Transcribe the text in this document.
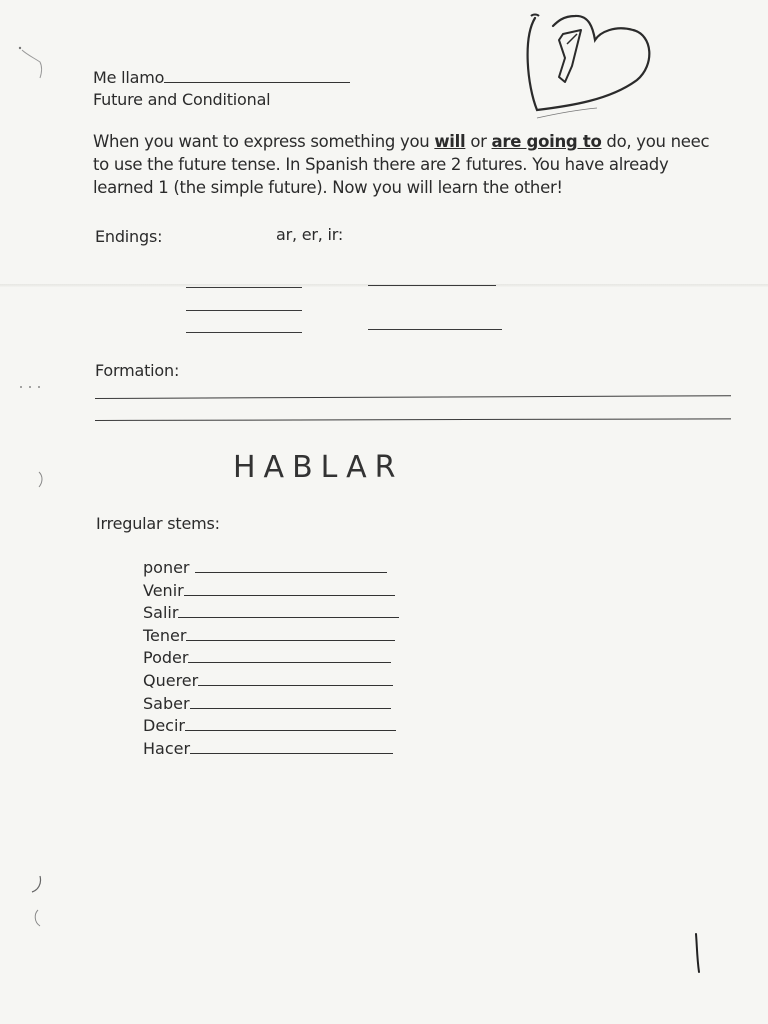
Me llamo
Future and Conditional
When you want to express something you will or are going to do, you neec
to use the future tense. In Spanish there are 2 futures. You have already
learned 1 (the simple future). Now you will learn the other!
Endings:	ar, er, ir:
Formation:
HABLAR
Irregular stems:
poner
Venir
Salir
Tener
Poder
Querer
Saber
Decir
Hacer
